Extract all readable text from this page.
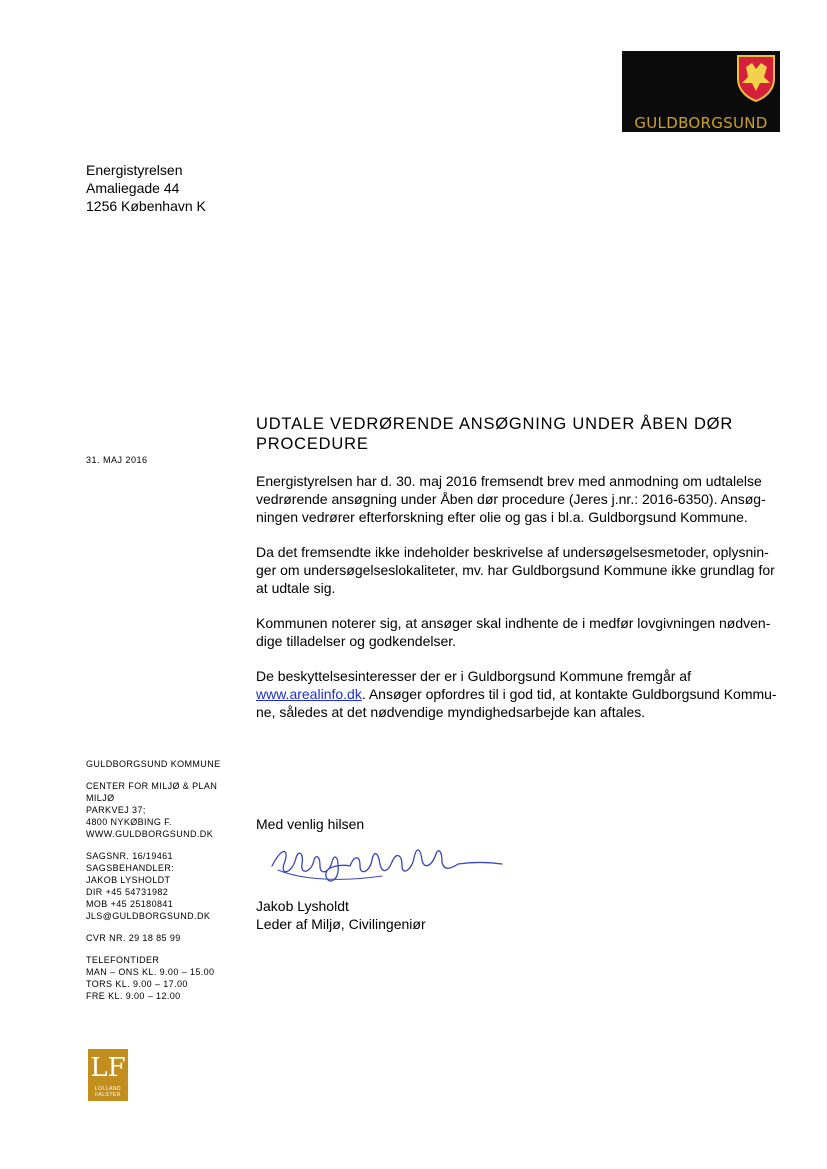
GULDBORGSUND
Energistyrelsen
Amaliegade 44
1256 København K
UDTALE VEDRØRENDE ANSØGNING UNDER ÅBEN DØR PROCEDURE
31. MAJ 2016

Energistyrelsen har d. 30. maj 2016 fremsendt brev med anmodning om udtalelse
vedrørende ansøgning under Åben dør procedure (Jeres j.nr.: 2016-6350). Ansøg-
ningen vedrører efterforskning efter olie og gas i bl.a. Guldborgsund Kommune.

Da det fremsendte ikke indeholder beskrivelse af undersøgelsesmetoder, oplysnin-
ger om undersøgelseslokaliteter, mv. har Guldborgsund Kommune ikke grundlag for
at udtale sig.

Kommunen noterer sig, at ansøger skal indhente de i medfør lovgivningen nødven-
dige tilladelser og godkendelser.

De beskyttelsesinteresser der er i Guldborgsund Kommune fremgår af
www.arealinfo.dk. Ansøger opfordres til i god tid, at kontakte Guldborgsund Kommu-
ne, således at det nødvendige myndighedsarbejde kan aftales.

GULDBORGSUND KOMMUNE
CENTER FOR MILJØ & PLAN
MILJØ
PARKVEJ 37;
4800 NYKØBING F.
WWW.GULDBORGSUND.DK
SAGSNR. 16/19461
SAGSBEHANDLER:
JAKOB LYSHOLDT
DIR +45 54731982
MOB +45 25180841
JLS@GULDBORGSUND.DK
CVR NR. 29 18 85 99
TELEFONTIDER
MAN – ONS KL. 9.00 – 15.00
TORS KL. 9.00 – 17.00
FRE KL. 9.00 – 12.00
Med venlig hilsen
Jakob Lysholdt
Leder af Miljø, Civilingeniør
LF
LOLLAND FALSTER
